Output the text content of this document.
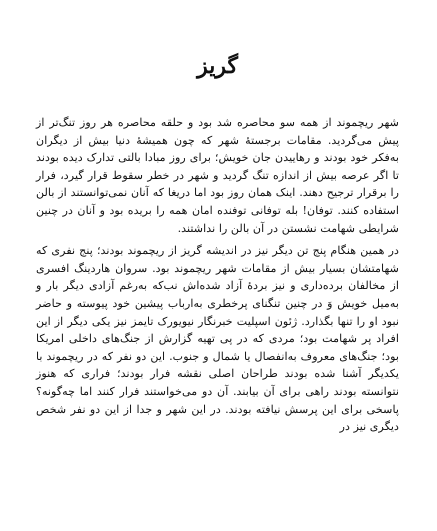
گریز

شهر ریچموند از همه سو محاصره شد بود و حلقه محاصره هر روز تنگ‌تر از پیش می‌گردید. مقامات برجستهٔ شهر که چون همیشهٔ دنیا بیش از دیگران به‌فکر خود بودند و رهاییدن جان خویش؛ برای روز مبادا بالتی تدارک دیده بودند تا اگر عرصه بیش از اندازه تنگ گردید و شهر در خطر سقوط قرار گیرد، فرار را برقرار ترجیح دهند. اینک همان روز بود اما دریغا که آنان نمی‌توانستند از بالن استفاده کنند. توفان! بله توفانی توفنده امان همه را بریده بود و آنان در چنین شرایطی شهامت نشستن در آن بالن را نداشتند.

در همین هنگام پنج تن دیگر نیز در اندیشه گریز از ریچموند بودند؛ پنج نفری که شهامتشان بسیار بیش از مقامات شهر ریچموند بود. سروان هاردینگ افسری از مخالفان برده‌داری و نیز بردهٔ آزاد شده‌اش نب‌که به‌رغم آزادی دیگر بار و به‌میل خویش وَ در چنین تنگنای پرخطری به‌ارباب پیشین خود پیوسته و حاضر نبود او را تنها بگذارد. ژئون اسپلیت خبرنگار نیویورک تایمز نیز یکی دیگر از این افراد پر شهامت بود؛ مردی که در پی تهیه گزارش از جنگ‌های داخلی امریکا بود؛ جنگ‌های معروف به‌انفصال یا شمال و جنوب. این دو نفر که در ریچموند با یکدیگر آشنا شده بودند طراحان اصلی نقشه فرار بودند؛ فراری که هنوز نتوانسته بودند راهی برای آن بیابند. آن دو می‌خواستند فرار کنند اما چه‌گونه؟ پاسخی برای این پرسش نیافته بودند. در این شهر و جدا از این دو نفر شخص دیگری نیز در
